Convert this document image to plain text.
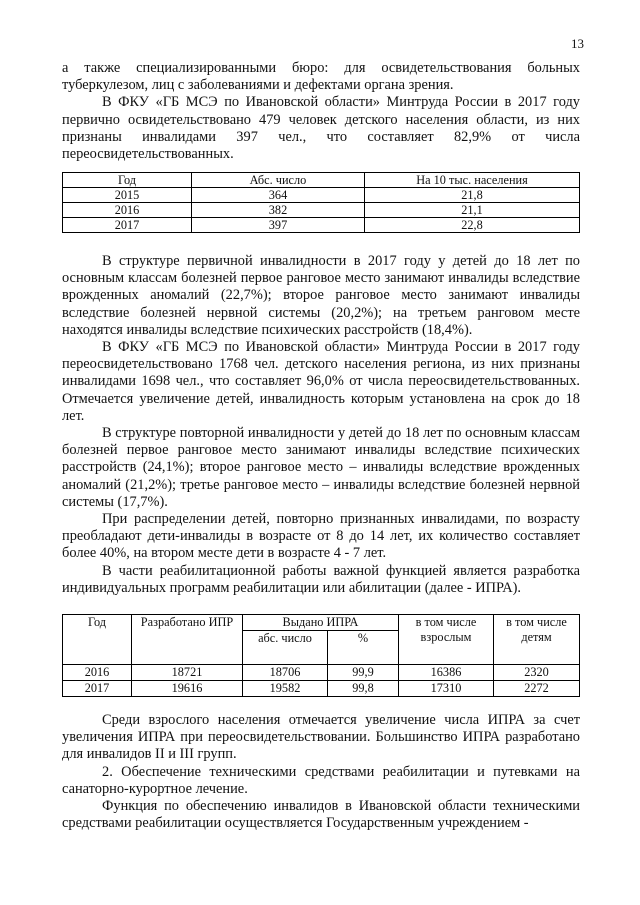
13

а также специализированными бюро: для освидетельствования больных туберкулезом, лиц с заболеваниями и дефектами органа зрения.

В ФКУ «ГБ МСЭ по Ивановской области» Минтруда России в 2017 году первично освидетельствовано 479 человек детского населения области, из них признаны инвалидами 397 чел., что составляет 82,9% от числа переосвидетельствованных.

Год	Абс. число	На 10 тыс. населения
2015	364	21,8
2016	382	21,1
2017	397	22,8

В структуре первичной инвалидности в 2017 году у детей до 18 лет по основным классам болезней первое ранговое место занимают инвалиды вследствие врожденных аномалий (22,7%); второе ранговое место занимают инвалиды вследствие болезней нервной системы (20,2%); на третьем ранговом месте находятся инвалиды вследствие психических расстройств (18,4%).

В ФКУ «ГБ МСЭ по Ивановской области» Минтруда России в 2017 году переосвидетельствовано 1768 чел. детского населения региона, из них признаны инвалидами 1698 чел., что составляет 96,0% от числа переосвидетельствованных. Отмечается увеличение детей, инвалидность которым установлена на срок до 18 лет.

В структуре повторной инвалидности у детей до 18 лет по основным классам болезней первое ранговое место занимают инвалиды вследствие психических расстройств (24,1%); второе ранговое место – инвалиды вследствие врожденных аномалий (21,2%); третье ранговое место – инвалиды вследствие болезней нервной системы (17,7%).

При распределении детей, повторно признанных инвалидами, по возрасту преобладают дети-инвалиды в возрасте от 8 до 14 лет, их количество составляет более 40%, на втором месте дети в возрасте 4 - 7 лет.

В части реабилитационной работы важной функцией является разработка индивидуальных программ реабилитации или абилитации (далее - ИПРА).

Год	Разработано ИПР	Выдано ИПРА		в том числе взрослым	в том числе детям
		абс. число	%		
2016	18721	18706	99,9	16386	2320
2017	19616	19582	99,8	17310	2272

Среди взрослого населения отмечается увеличение числа ИПРА за счет увеличения ИПРА при переосвидетельствовании. Большинство ИПРА разработано для инвалидов II и III групп.

2. Обеспечение техническими средствами реабилитации и путевками на санаторно-курортное лечение.

Функция по обеспечению инвалидов в Ивановской области техническими средствами реабилитации осуществляется Государственным учреждением -
